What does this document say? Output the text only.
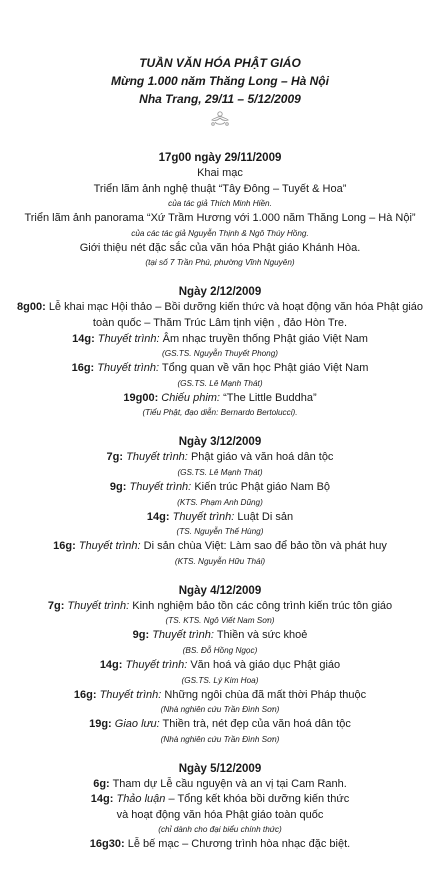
TUẦN VĂN HÓA PHẬT GIÁO
Mừng 1.000 năm Thăng Long – Hà Nội
Nha Trang, 29/11 – 5/12/2009
17g00 ngày 29/11/2009
Khai mạc
Triển lãm ảnh nghệ thuật “Tây Đông – Tuyết & Hoa”
của tác giả Thích Minh Hiền.
Triển lãm ảnh panorama “Xứ Trầm Hương với 1.000 năm Thăng Long – Hà Nội”
của các tác giả Nguyễn Thịnh & Ngô Thúy Hồng.
Giới thiệu nét đặc sắc của văn hóa Phật giáo Khánh Hòa.
(tại số 7 Trần Phú, phường Vĩnh Nguyên)
Ngày 2/12/2009
8g00: Lễ khai mạc Hội thảo – Bồi dưỡng kiến thức và hoạt động văn hóa Phật giáo
toàn quốc – Thăm Trúc Lâm tịnh viện , đảo Hòn Tre.
14g: Thuyết trình: Âm nhạc truyền thống Phật giáo Việt Nam
(GS.TS. Nguyễn Thuyết Phong)
16g: Thuyết trình: Tổng quan về văn học Phật giáo Việt Nam
(GS.TS. Lê Mạnh Thát)
19g00: Chiếu phim: “The Little Buddha”
(Tiểu Phật, đạo diễn: Bernardo Bertolucci).
Ngày 3/12/2009
7g: Thuyết trình: Phật giáo và văn hoá dân tộc
(GS.TS. Lê Mạnh Thát)
9g: Thuyết trình: Kiến trúc Phật giáo Nam Bộ
(KTS. Phạm Anh Dũng)
14g: Thuyết trình: Luật Di sản
(TS. Nguyễn Thế Hùng)
16g: Thuyết trình: Di sản chùa Việt: Làm sao để bảo tồn và phát huy
(KTS. Nguyễn Hữu Thái)
Ngày 4/12/2009
7g: Thuyết trình: Kinh nghiệm bảo tồn các công trình kiến trúc tôn giáo
(TS. KTS. Ngô Viết Nam Sơn)
9g: Thuyết trình: Thiền và sức khoẻ
(BS. Đỗ Hồng Ngọc)
14g: Thuyết trình: Văn hoá và giáo dục Phật giáo
(GS.TS. Lý Kim Hoa)
16g: Thuyết trình: Những ngôi chùa đã mất thời Pháp thuộc
(Nhà nghiên cứu Trần Đình Sơn)
19g: Giao lưu: Thiền trà, nét đẹp của văn hoá dân tộc
(Nhà nghiên cứu Trần Đình Sơn)
Ngày 5/12/2009
6g: Tham dự Lễ cầu nguyện và an vị tại Cam Ranh.
14g: Thảo luận – Tổng kết khóa bồi dưỡng kiến thức
và hoạt động văn hóa Phật giáo toàn quốc
(chỉ dành cho đại biểu chính thức)
16g30: Lễ bế mạc – Chương trình hòa nhạc đặc biệt.
